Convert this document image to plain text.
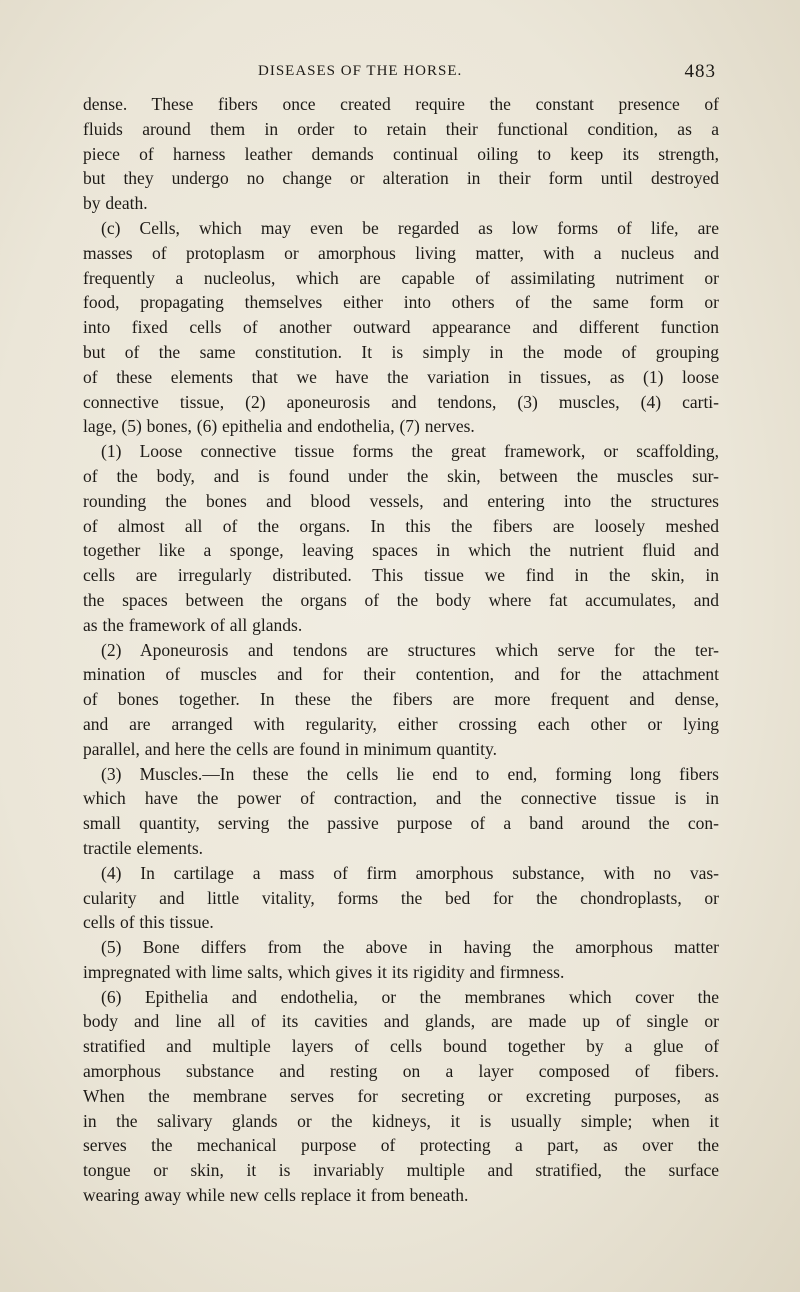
DISEASES OF THE HORSE.	483
dense. These fibers once created require the constant presence of
fluids around them in order to retain their functional condition, as a
piece of harness leather demands continual oiling to keep its strength,
but they undergo no change or alteration in their form until destroyed
by death.
(c) Cells, which may even be regarded as low forms of life, are
masses of protoplasm or amorphous living matter, with a nucleus and
frequently a nucleolus, which are capable of assimilating nutriment or
food, propagating themselves either into others of the same form or
into fixed cells of another outward appearance and different function
but of the same constitution. It is simply in the mode of grouping
of these elements that we have the variation in tissues, as (1) loose
connective tissue, (2) aponeurosis and tendons, (3) muscles, (4) carti-
lage, (5) bones, (6) epithelia and endothelia, (7) nerves.
(1) Loose connective tissue forms the great framework, or scaffolding,
of the body, and is found under the skin, between the muscles sur-
rounding the bones and blood vessels, and entering into the structures
of almost all of the organs. In this the fibers are loosely meshed
together like a sponge, leaving spaces in which the nutrient fluid and
cells are irregularly distributed. This tissue we find in the skin, in
the spaces between the organs of the body where fat accumulates, and
as the framework of all glands.
(2) Aponeurosis and tendons are structures which serve for the ter-
mination of muscles and for their contention, and for the attachment
of bones together. In these the fibers are more frequent and dense,
and are arranged with regularity, either crossing each other or lying
parallel, and here the cells are found in minimum quantity.
(3) Muscles.—In these the cells lie end to end, forming long fibers
which have the power of contraction, and the connective tissue is in
small quantity, serving the passive purpose of a band around the con-
tractile elements.
(4) In cartilage a mass of firm amorphous substance, with no vas-
cularity and little vitality, forms the bed for the chondroplasts, or
cells of this tissue.
(5) Bone differs from the above in having the amorphous matter
impregnated with lime salts, which gives it its rigidity and firmness.
(6) Epithelia and endothelia, or the membranes which cover the
body and line all of its cavities and glands, are made up of single or
stratified and multiple layers of cells bound together by a glue of
amorphous substance and resting on a layer composed of fibers.
When the membrane serves for secreting or excreting purposes, as
in the salivary glands or the kidneys, it is usually simple; when it
serves the mechanical purpose of protecting a part, as over the
tongue or skin, it is invariably multiple and stratified, the surface
wearing away while new cells replace it from beneath.
